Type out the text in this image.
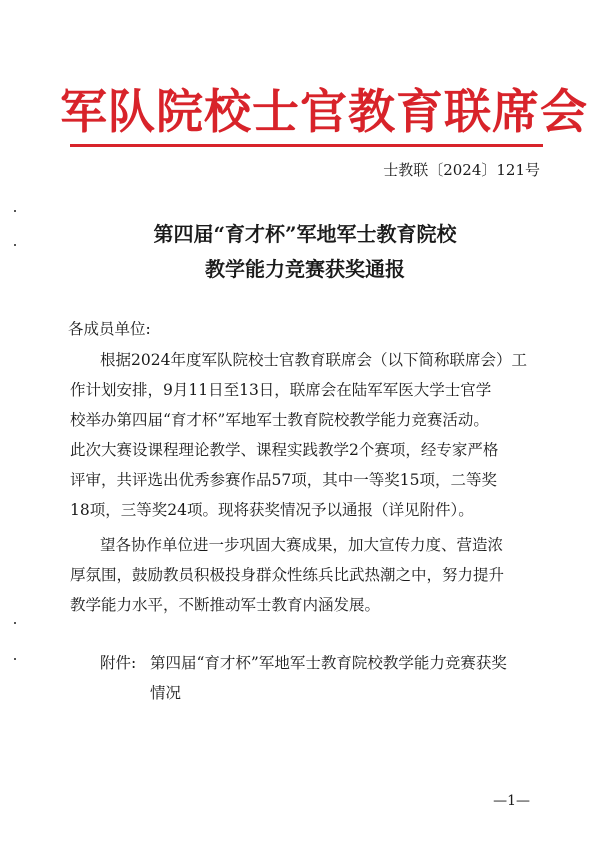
军队院校士官教育联席会
士教联〔2024〕121号
第四届“育才杯”军地军士教育院校
教学能力竞赛获奖通报
各成员单位:
根据2024年度军队院校士官教育联席会（以下简称联席会）工
作计划安排，9月11日至13日，联席会在陆军军医大学士官学
校举办第四届“育才杯”军地军士教育院校教学能力竞赛活动。
此次大赛设课程理论教学、课程实践教学2个赛项，经专家严格
评审，共评选出优秀参赛作品57项，其中一等奖15项，二等奖
18项，三等奖24项。现将获奖情况予以通报（详见附件）。
望各协作单位进一步巩固大赛成果，加大宣传力度、营造浓
厚氛围，鼓励教员积极投身群众性练兵比武热潮之中，努力提升
教学能力水平，不断推动军士教育内涵发展。
附件: 第四届“育才杯”军地军士教育院校教学能力竞赛获奖
情况
—1—
